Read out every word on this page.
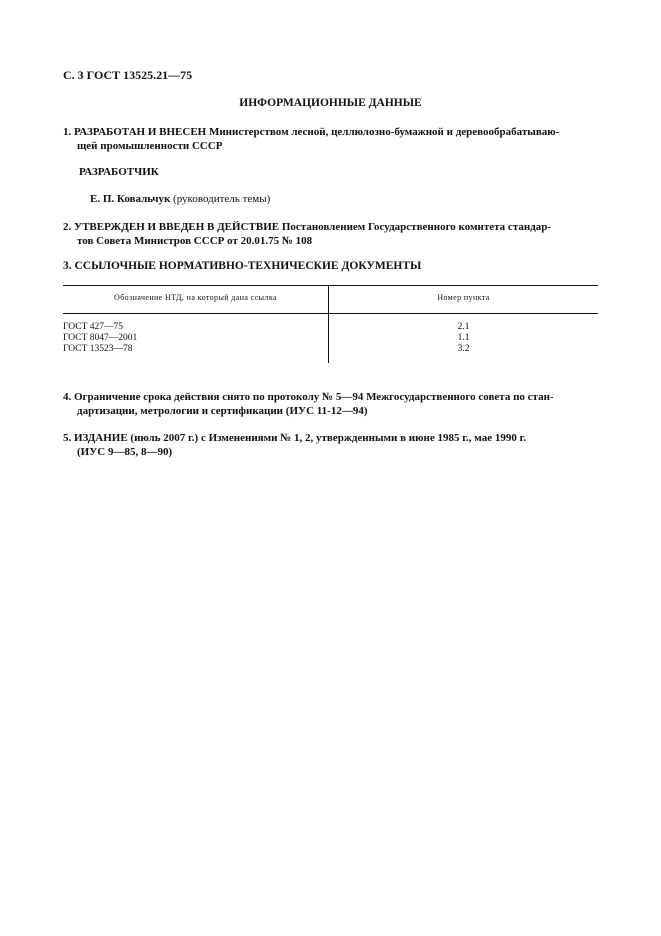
С. 3 ГОСТ 13525.21—75
ИНФОРМАЦИОННЫЕ ДАННЫЕ
1. РАЗРАБОТАН И ВНЕСЕН Министерством лесной, целлюлозно-бумажной и деревообрабатываю-
щей промышленности СССР
РАЗРАБОТЧИК
Е. П. Ковальчук (руководитель темы)
2. УТВЕРЖДЕН И ВВЕДЕН В ДЕЙСТВИЕ Постановлением Государственного комитета стандар-
тов Совета Министров СССР от 20.01.75 № 108
3. ССЫЛОЧНЫЕ НОРМАТИВНО-ТЕХНИЧЕСКИЕ ДОКУМЕНТЫ
Обозначение НТД, на который дана ссылка	Номер пункта
ГОСТ 427—75	2.1
ГОСТ 8047—2001	1.1
ГОСТ 13523—78	3.2
4. Ограничение срока действия снято по протоколу № 5—94 Межгосударственного совета по стан-
дартизации, метрологии и сертификации (ИУС 11-12—94)
5. ИЗДАНИЕ (июль 2007 г.) с Изменениями № 1, 2, утвержденными в июне 1985 г., мае 1990 г.
(ИУС 9—85, 8—90)
